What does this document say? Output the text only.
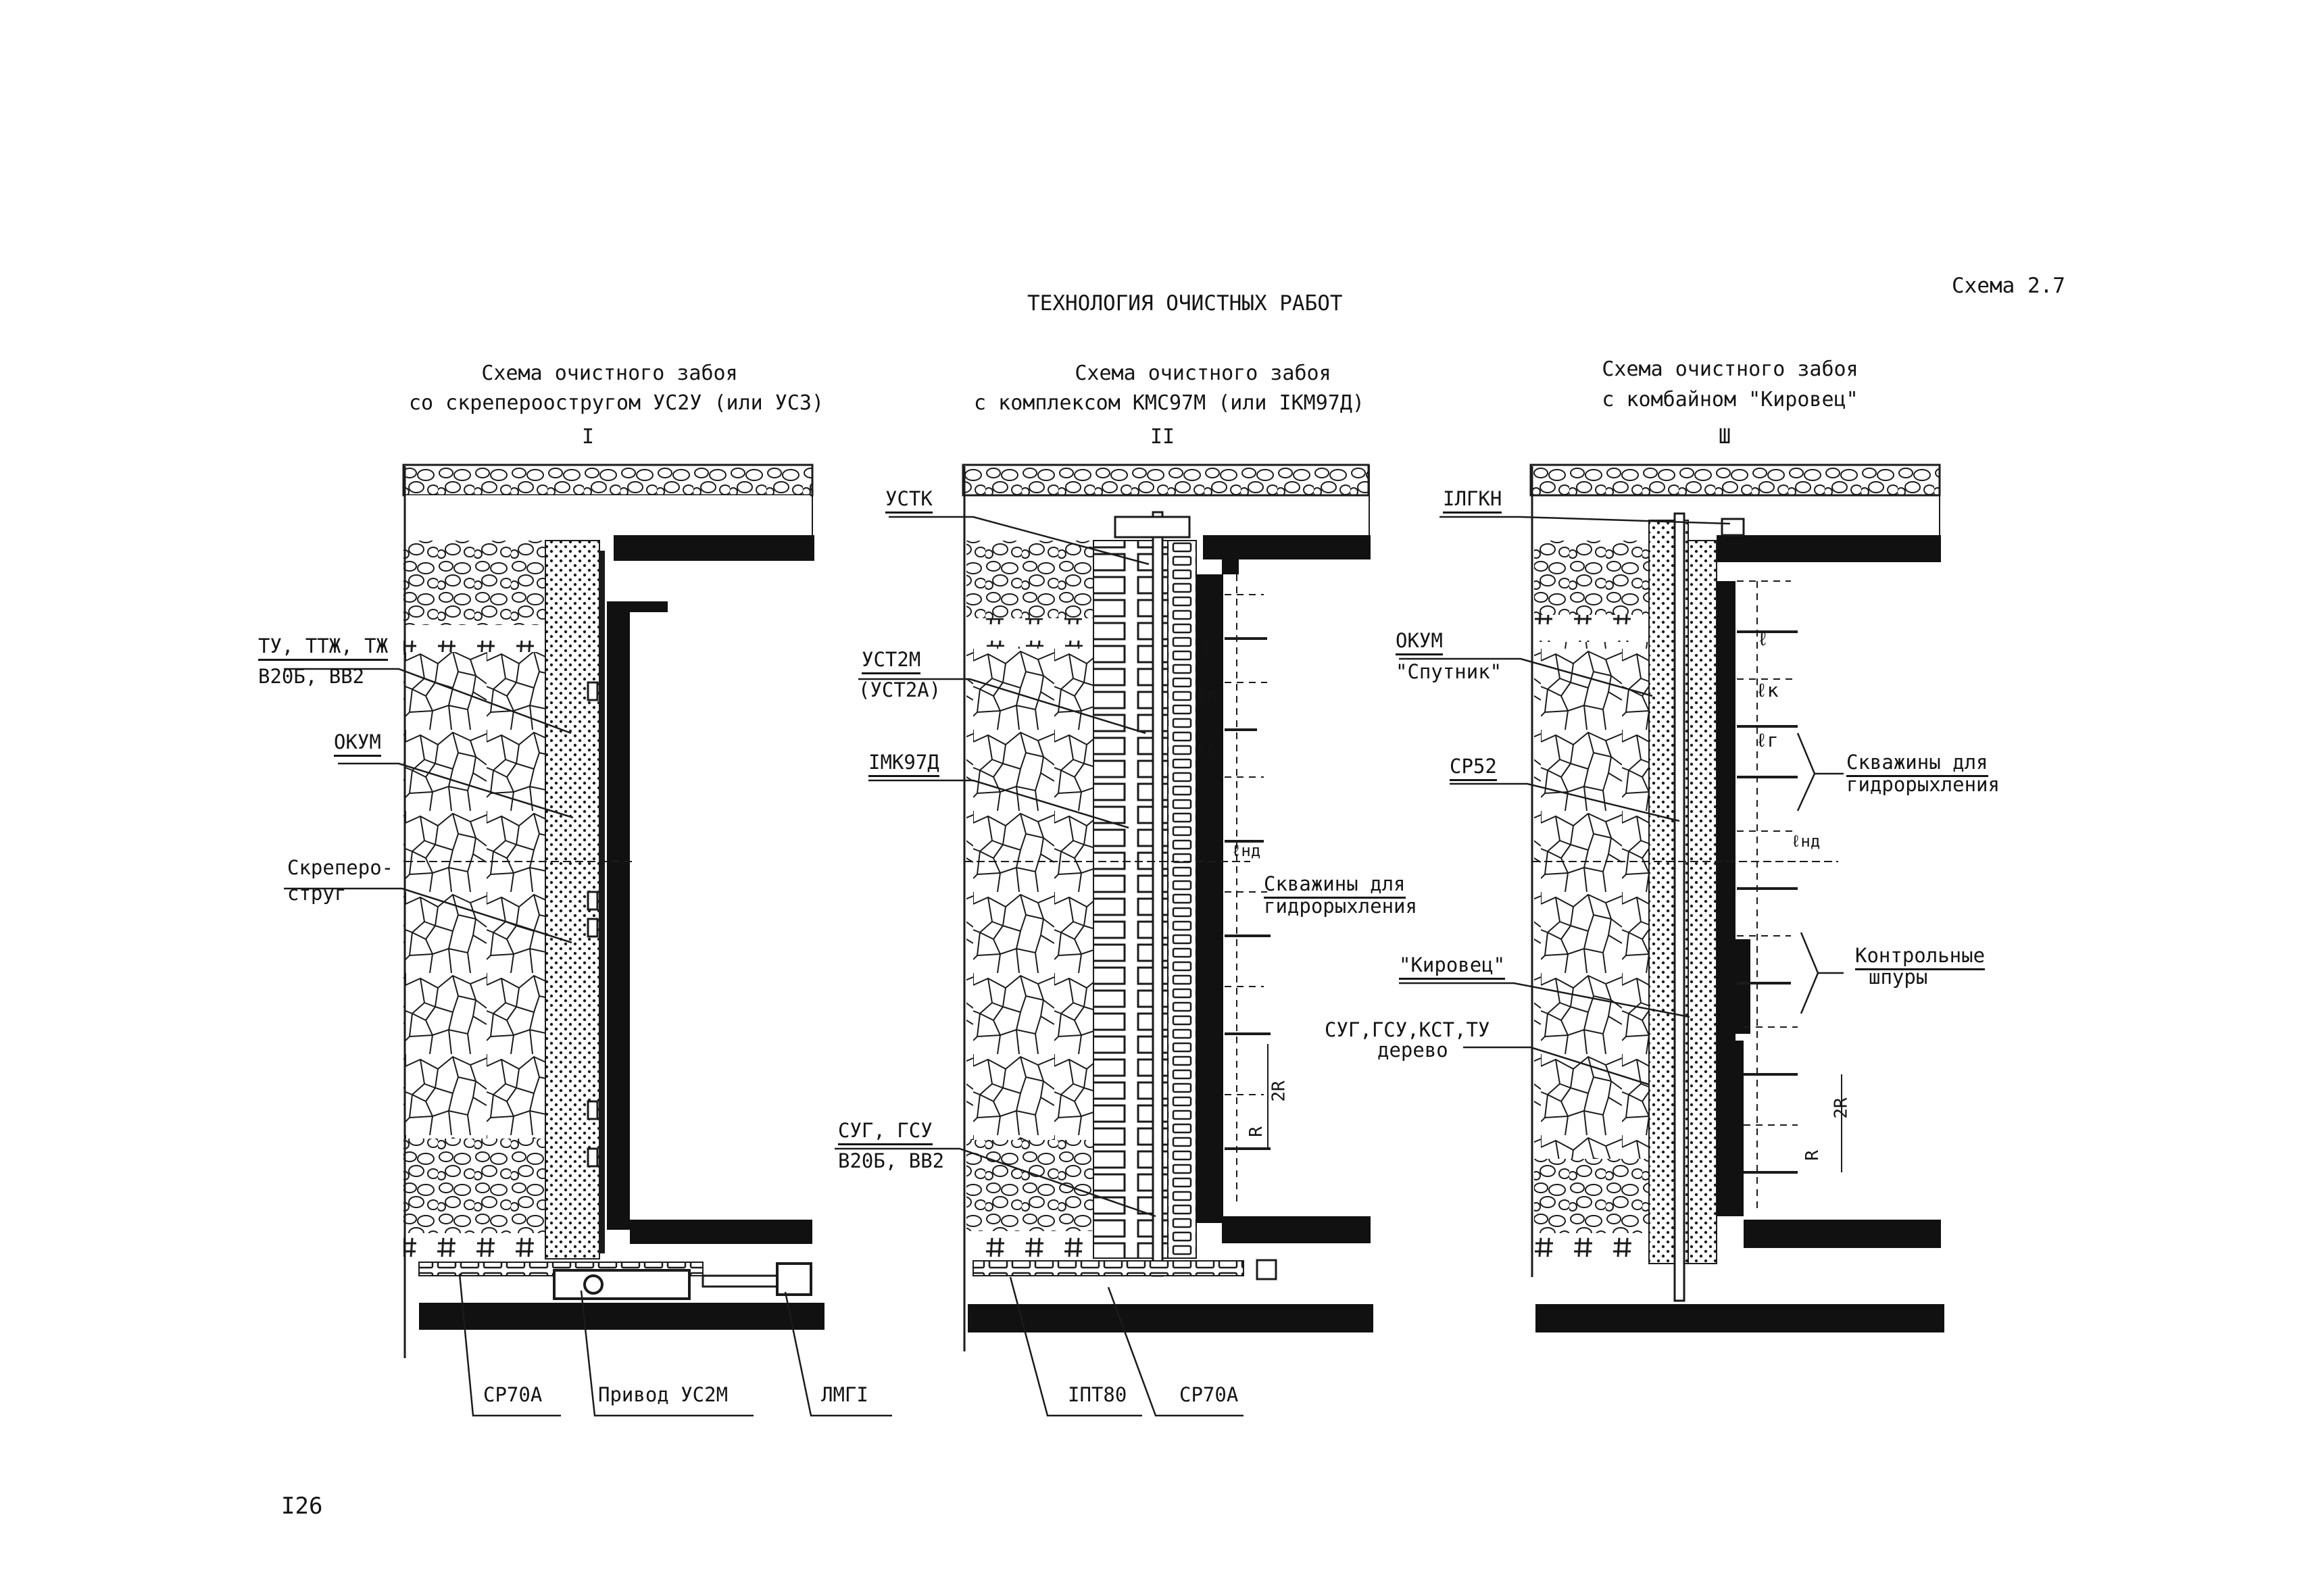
ТЕХНОЛОГИЯ ОЧИСТНЫХ РАБОТ
Схема 2.7
I26
Схема очистного забоя
со скрепероостругом УС2У (или УС3)
I
ТУ, ТТЖ, ТЖ
В20Б, ВВ2
ОКУМ
Скреперо-
струг
СР70А	Привод УС2М	ЛМГI
Схема очистного забоя
с комплексом КМС97М (или IКМ97Д)
II
УСТК
УСТ2М
(УСТ2А)
IМК97Д
СУГ, ГСУ
В20Б, ВВ2
Скважины для
гидрорыхления
IПТ80	СР70А
ℓ
ℓк
ℓг
ℓнд
2R
R
Схема очистного забоя
с комбайном "Кировец"
Ш
IЛГКН
ОКУМ
"Спутник"
СР52
"Кировец"
СУГ,ГСУ,КСТ,ТУ
дерево
Скважины для
гидрорыхления
Контрольные
шпуры
ℓ
ℓк
ℓг
ℓнд
2R
R
